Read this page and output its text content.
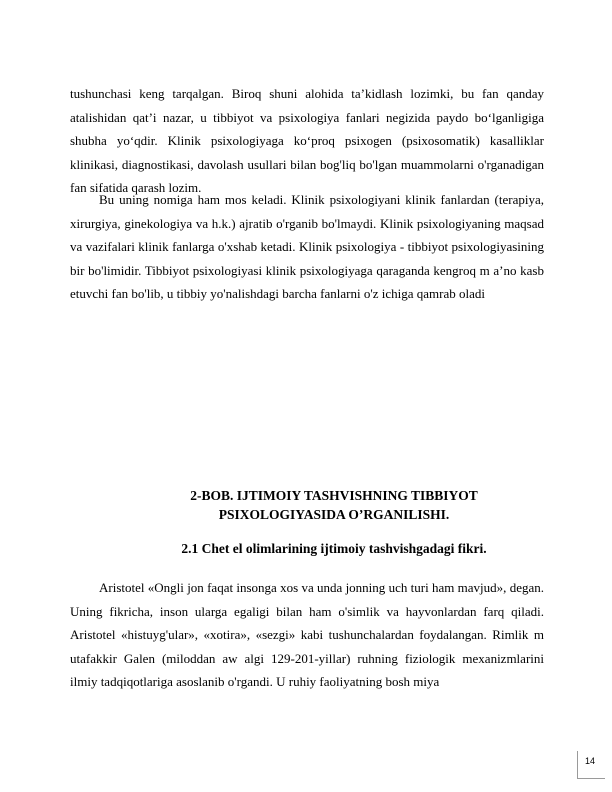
tushunchasi keng tarqalgan. Biroq shuni alohida ta’kidlash lozimki, bu fan qanday atalishidan qat’i nazar, u tibbiyot va psixologiya fanlari negizida paydo bo‘lganligiga shubha yo‘qdir. Klinik psixologiyaga ko‘proq psixogen (psixosomatik) kasalliklar klinikasi, diagnostikasi, davolash usullari bilan bog'liq bo'lgan muammolarni o'rganadigan fan sifatida qarash lozim.

Bu uning nomiga ham mos keladi. Klinik psixologiyani klinik fanlardan (terapiya, xirurgiya, ginekologiya va h.k.) ajratib o'rganib bo'lmaydi. Klinik psixologiyaning maqsad va vazifalari klinik fanlarga o'xshab ketadi. Klinik psixologiya - tibbiyot psixologiyasining bir bo'limidir. Tibbiyot psixologiyasi klinik psixologiyaga qaraganda kengroq m a’no kasb etuvchi fan bo'lib, u tibbiy yo'nalishdagi barcha fanlarni o'z ichiga qamrab oladi

2-BOB. IJTIMOIY TASHVISHNING TIBBIYOT
PSIXOLOGIYASIDA O’RGANILISHI.
2.1 Chet el olimlarining ijtimoiy tashvishgadagi fikri.

Aristotel «Ongli jon faqat insonga xos va unda jonning uch turi ham mavjud», degan. Uning fikricha, inson ularga egaligi bilan ham o'simlik va hayvonlardan farq qiladi. Aristotel «histuyg'ular», «xotira», «sezgi» kabi tushunchalardan foydalangan. Rimlik m utafakkir Galen (miloddan aw algi 129-201-yillar) ruhning fiziologik mexanizmlarini ilmiy tadqiqotlariga asoslanib o'rgandi. U ruhiy faoliyatning bosh miya

14
